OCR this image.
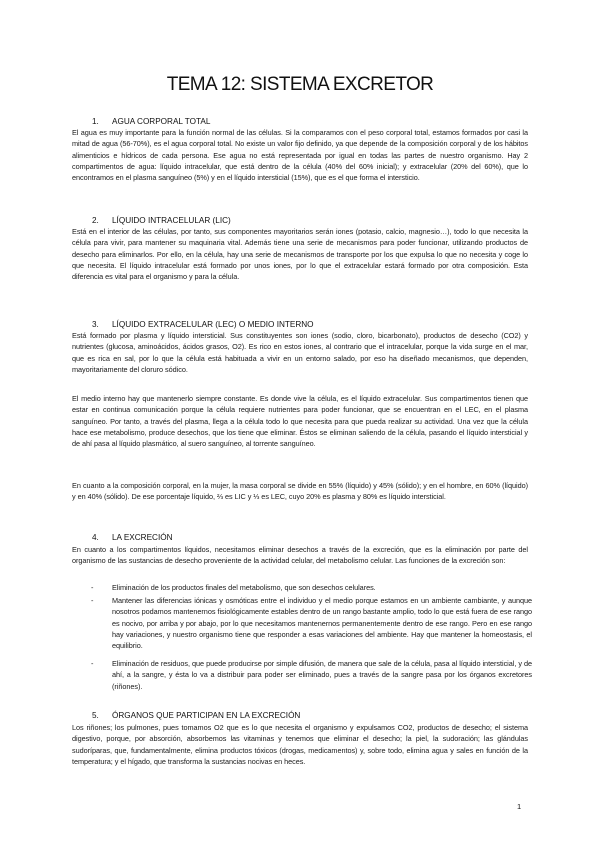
TEMA 12: SISTEMA EXCRETOR
1. AGUA CORPORAL TOTAL
El agua es muy importante para la función normal de las células. Si la comparamos con el peso corporal total, estamos formados por casi la mitad de agua (56-70%), es el agua corporal total. No existe un valor fijo definido, ya que depende de la composición corporal y de los hábitos alimenticios e hídricos de cada persona. Ese agua no está representada por igual en todas las partes de nuestro organismo. Hay 2 compartimentos de agua: líquido intracelular, que está dentro de la célula (40% del 60% inicial); y extracelular (20% del 60%), que lo encontramos en el plasma sanguíneo (5%) y en el líquido intersticial (15%), que es el que forma el intersticio.
2. LÍQUIDO INTRACELULAR (LIC)
Está en el interior de las células, por tanto, sus componentes mayoritarios serán iones (potasio, calcio, magnesio…), todo lo que necesita la célula para vivir, para mantener su maquinaria vital. Además tiene una serie de mecanismos para poder funcionar, utilizando productos de desecho para eliminarlos. Por ello, en la célula, hay una serie de mecanismos de transporte por los que expulsa lo que no necesita y coge lo que necesita. El líquido intracelular está formado por unos iones, por lo que el extracelular estará formado por otra composición. Esta diferencia es vital para el organismo y para la célula.
3. LÍQUIDO EXTRACELULAR (LEC) O MEDIO INTERNO
Está formado por plasma y líquido intersticial. Sus constituyentes son iones (sodio, cloro, bicarbonato), productos de desecho (CO2) y nutrientes (glucosa, aminoácidos, ácidos grasos, O2). Es rico en estos iones, al contrario que el intracelular, porque la vida surge en el mar, que es rica en sal, por lo que la célula está habituada a vivir en un entorno salado, por eso ha diseñado mecanismos, que dependen, mayoritariamente del cloruro sódico.
El medio interno hay que mantenerlo siempre constante. Es donde vive la célula, es el líquido extracelular. Sus compartimentos tienen que estar en continua comunicación porque la célula requiere nutrientes para poder funcionar, que se encuentran en el LEC, en el plasma sanguíneo. Por tanto, a través del plasma, llega a la célula todo lo que necesita para que pueda realizar su actividad. Una vez que la célula hace ese metabolismo, produce desechos, que los tiene que eliminar. Éstos se eliminan saliendo de la célula, pasando el líquido intersticial y de ahí pasa al líquido plasmático, al suero sanguíneo, al torrente sanguíneo.
En cuanto a la composición corporal, en la mujer, la masa corporal se divide en 55% (líquido) y 45% (sólido); y en el hombre, en 60% (líquido) y en 40% (sólido). De ese porcentaje líquido, ⅔ es LIC y ⅓ es LEC, cuyo 20% es plasma y 80% es líquido intersticial.
4. LA EXCRECIÓN
En cuanto a los compartimentos líquidos, necesitamos eliminar desechos a través de la excreción, que es la eliminación por parte del organismo de las sustancias de desecho proveniente de la actividad celular, del metabolismo celular. Las funciones de la excreción son:
-	Eliminación de los productos finales del metabolismo, que son desechos celulares.
-	Mantener las diferencias iónicas y osmóticas entre el individuo y el medio porque estamos en un ambiente cambiante, y aunque nosotros podamos mantenernos fisiológicamente estables dentro de un rango bastante amplio, todo lo que está fuera de ese rango es nocivo, por arriba y por abajo, por lo que necesitamos mantenernos permanentemente dentro de ese rango. Pero en ese rango hay variaciones, y nuestro organismo tiene que responder a esas variaciones del ambiente. Hay que mantener la homeostasis, el equilibrio.
-	Eliminación de residuos, que puede producirse por simple difusión, de manera que sale de la célula, pasa al líquido intersticial, y de ahí, a la sangre, y ésta lo va a distribuir para poder ser eliminado, pues a través de la sangre pasa por los órganos excretores (riñones).
5. ÓRGANOS QUE PARTICIPAN EN LA EXCRECIÓN
Los riñones; los pulmones, pues tomamos O2 que es lo que necesita el organismo y expulsamos CO2, productos de desecho; el sistema digestivo, porque, por absorción, absorbemos las vitaminas y tenemos que eliminar el desecho; la piel, la sudoración; las glándulas sudoríparas, que, fundamentalmente, elimina productos tóxicos (drogas, medicamentos) y, sobre todo, elimina agua y sales en función de la temperatura; y el hígado, que transforma la sustancias nocivas en heces.
1
